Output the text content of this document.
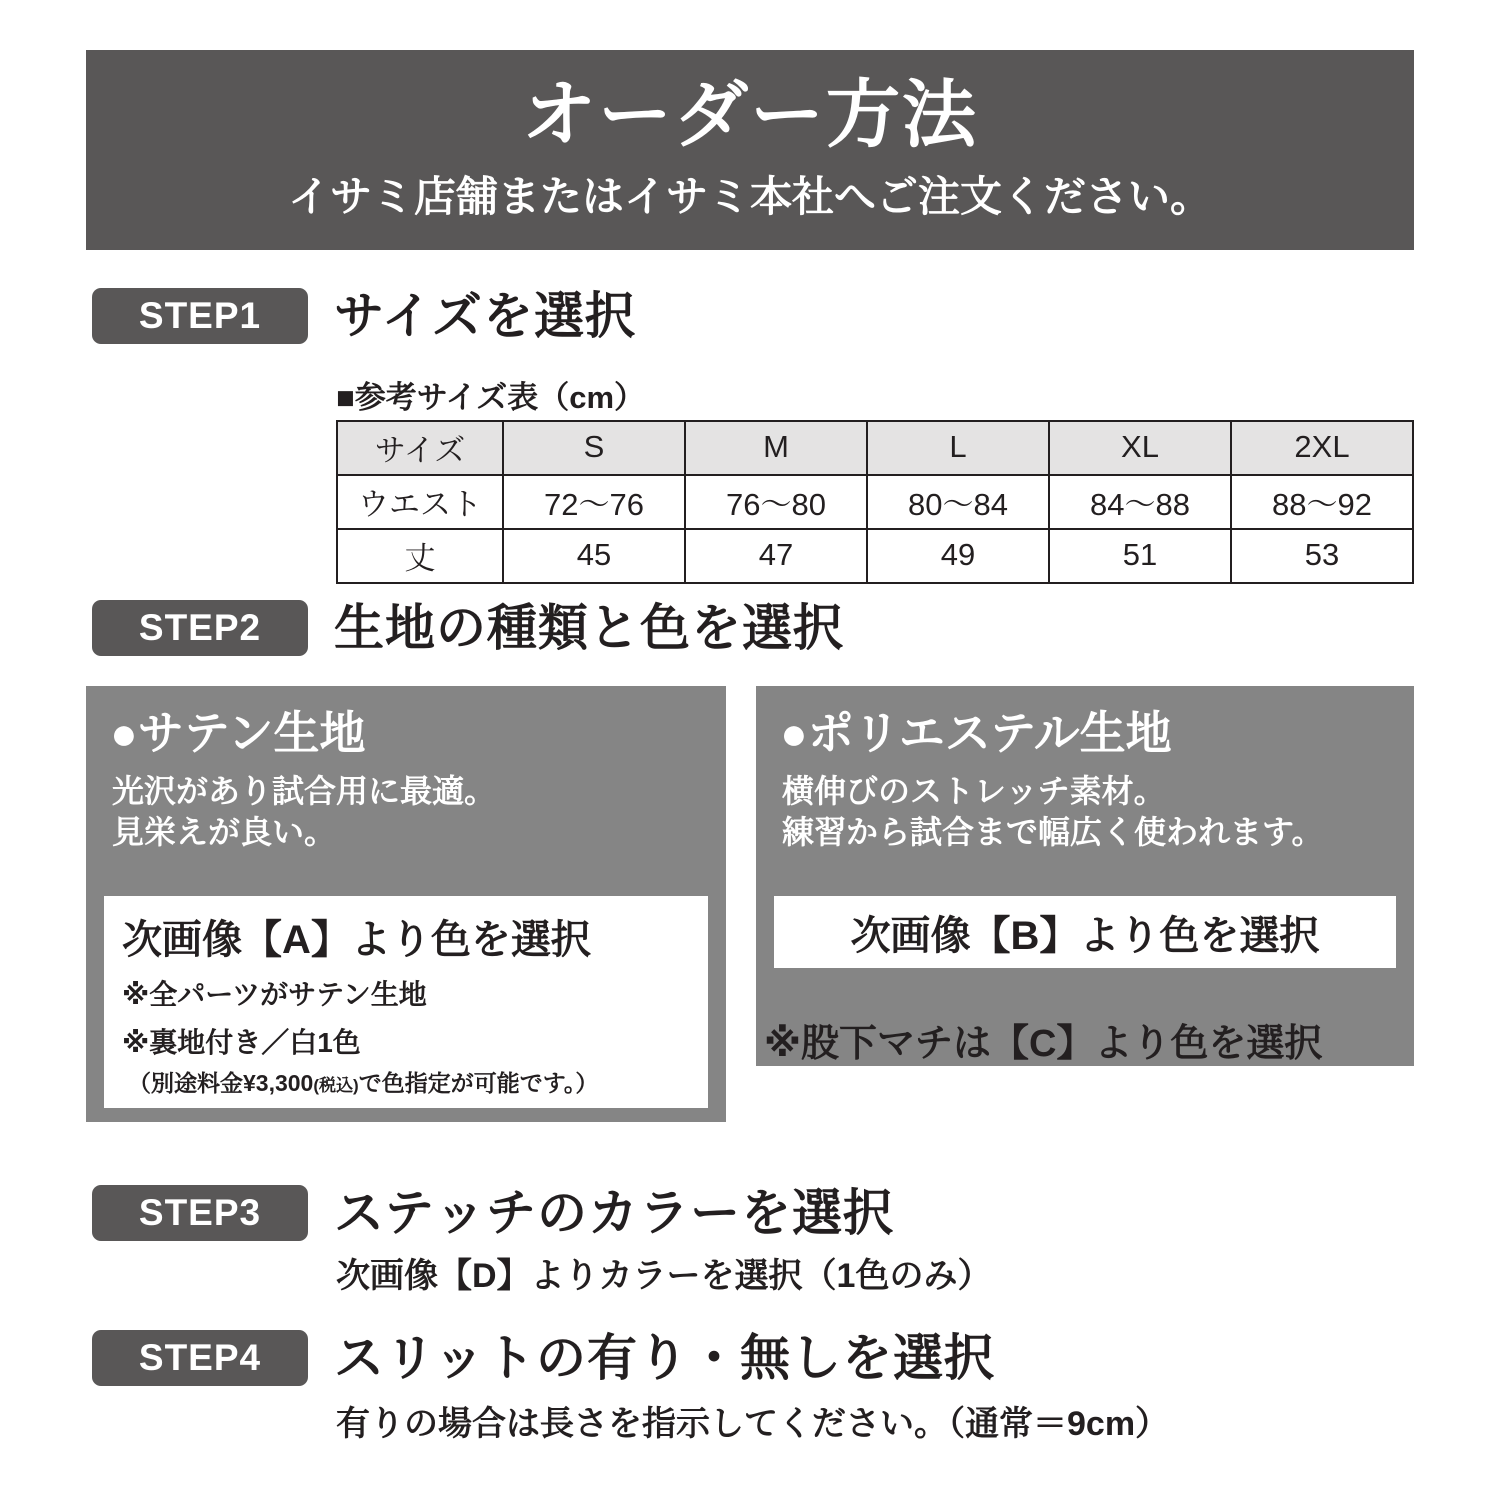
オーダー方法
イサミ店舗またはイサミ本社へご注文ください。
STEP1	サイズを選択
■参考サイズ表（cm）
サイズ	S	M	L	XL	2XL
ウエスト	72〜76	76〜80	80〜84	84〜88	88〜92
丈	45	47	49	51	53
STEP2	生地の種類と色を選択
●サテン生地
光沢があり試合用に最適。
見栄えが良い。
次画像【A】より色を選択
※全パーツがサテン生地
※裏地付き／白1色
（別途料金¥3,300(税込)で色指定が可能です。）
●ポリエステル生地
横伸びのストレッチ素材。
練習から試合まで幅広く使われます。
次画像【B】より色を選択
※股下マチは【C】より色を選択
STEP3	ステッチのカラーを選択
次画像【D】よりカラーを選択（1色のみ）
STEP4	スリットの有り・無しを選択
有りの場合は長さを指示してください。（通常＝9cm）
